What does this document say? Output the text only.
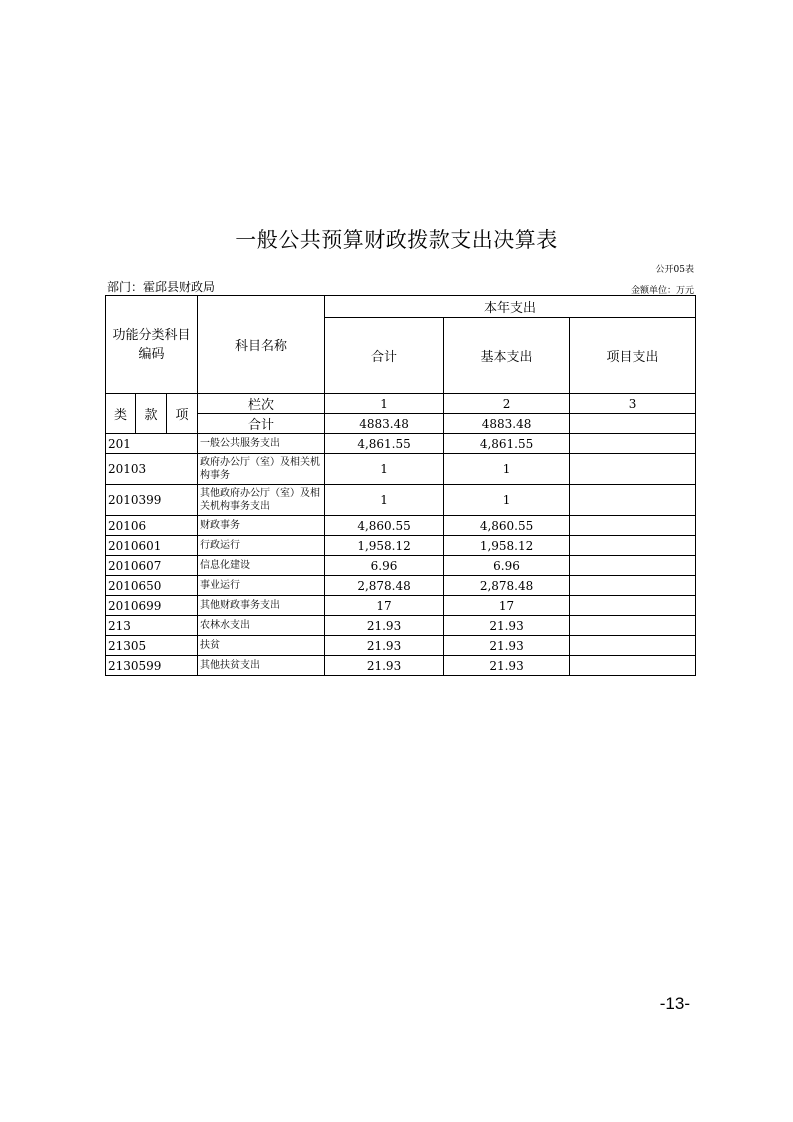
一般公共预算财政拨款支出决算表
公开05表
部门：霍邱县财政局	金额单位：万元
功能分类科目编码			科目名称	本年支出		
				合计	基本支出	项目支出
类	款	项	栏次	1	2	3
			合计	4883.48	4883.48	
201			一般公共服务支出	4,861.55	4,861.55	
20103			政府办公厅（室）及相关机构事务	1	1	
2010399			其他政府办公厅（室）及相关机构事务支出	1	1	
20106			财政事务	4,860.55	4,860.55	
2010601			行政运行	1,958.12	1,958.12	
2010607			信息化建设	6.96	6.96	
2010650			事业运行	2,878.48	2,878.48	
2010699			其他财政事务支出	17	17	
213			农林水支出	21.93	21.93	
21305			扶贫	21.93	21.93	
2130599			其他扶贫支出	21.93	21.93	
-13-
